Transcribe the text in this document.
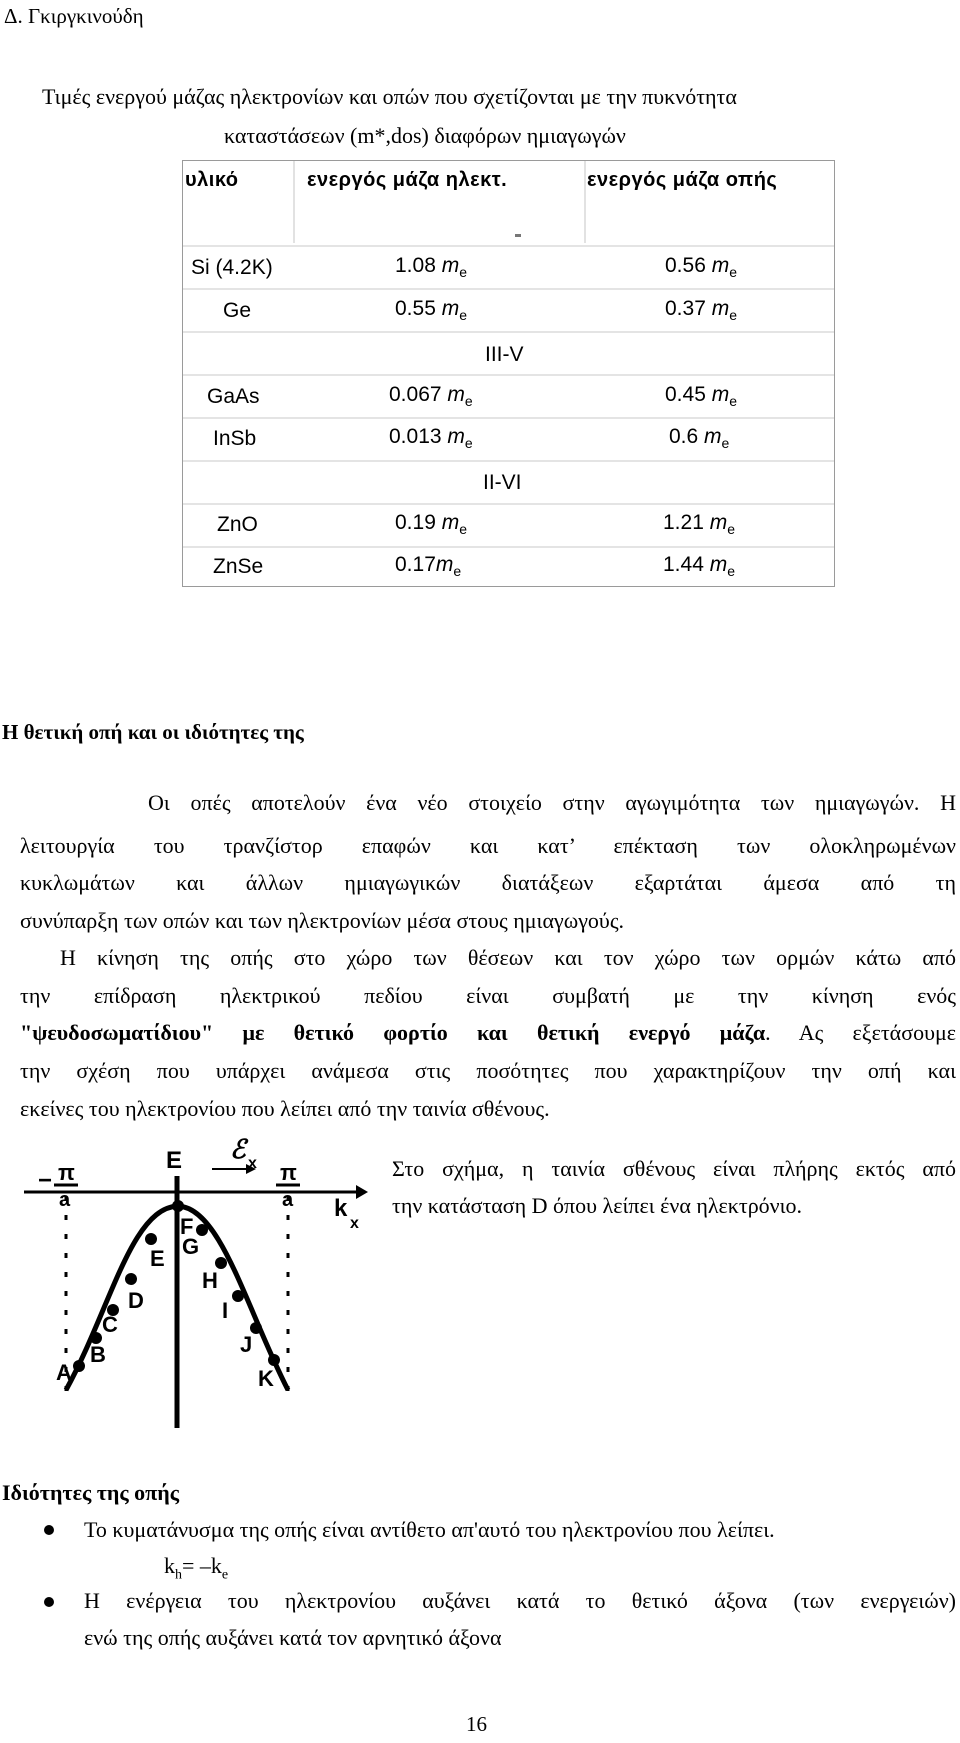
Δ. Γκιργκινούδη
Τιμές ενεργού μάζας ηλεκτρονίων και οπών που σχετίζονται με την πυκνότητα
καταστάσεων (m*,dos) διαφόρων ημιαγωγών
υλικό	ενεργός μάζα ηλεκτ.	ενεργός μάζα οπής
Si (4.2K)	1.08 $m_e$	0.56 $m_e$
Ge	0.55 $m_e$	0.37 $m_e$
III-V
GaAs	0.067 $m_e$	0.45 $m_e$
InSb	0.013 $m_e$	0.6 $m_e$
II-VI
ZnO	0.19 $m_e$	1.21 $m_e$
ZnSe	$0.17m_e$	1.44 $m_e$
Η θετική οπή και οι ιδιότητες της
Οι οπές αποτελούν ένα νέο στοιχείο στην αγωγιμότητα των ημιαγωγών. Η
λειτουργία του τρανζίστορ επαφών και κατ’ επέκταση των ολοκληρωμένων
κυκλωμάτων και άλλων ημιαγωγικών διατάξεων εξαρτάται άμεσα από τη
συνύπαρξη των οπών και των ηλεκτρονίων μέσα στους ημιαγωγούς.
Η κίνηση της οπής στο χώρο των θέσεων και τον χώρο των ορμών κάτω από
την επίδραση ηλεκτρικού πεδίου είναι συμβατή με την κίνηση ενός
"ψευδοσωματίδιου" με θετικό φορτίο και θετική ενεργό μάζα. Ας εξετάσουμε
την σχέση που υπάρχει ανάμεσα στις ποσότητες που χαρακτηρίζουν την οπή και
εκείνες του ηλεκτρονίου που λείπει από την ταινία σθένους.
E ℰ x
k
x
− π
a
π
a
A
B
C
D
E
F
G
H
I
J
K
Στο σχήμα, η ταινία σθένους είναι πλήρης εκτός από
την κατάσταση D όπου λείπει ένα ηλεκτρόνιο.
Ιδιότητες της οπής
Το κυματάνυσμα της οπής είναι αντίθετο απ'αυτό του ηλεκτρονίου που λείπει.
$k_h= -k_e$
Η ενέργεια του ηλεκτρονίου αυξάνει κατά το θετικό άξονα (των ενεργειών)
ενώ της οπής αυξάνει κατά τον αρνητικό άξονα
16
